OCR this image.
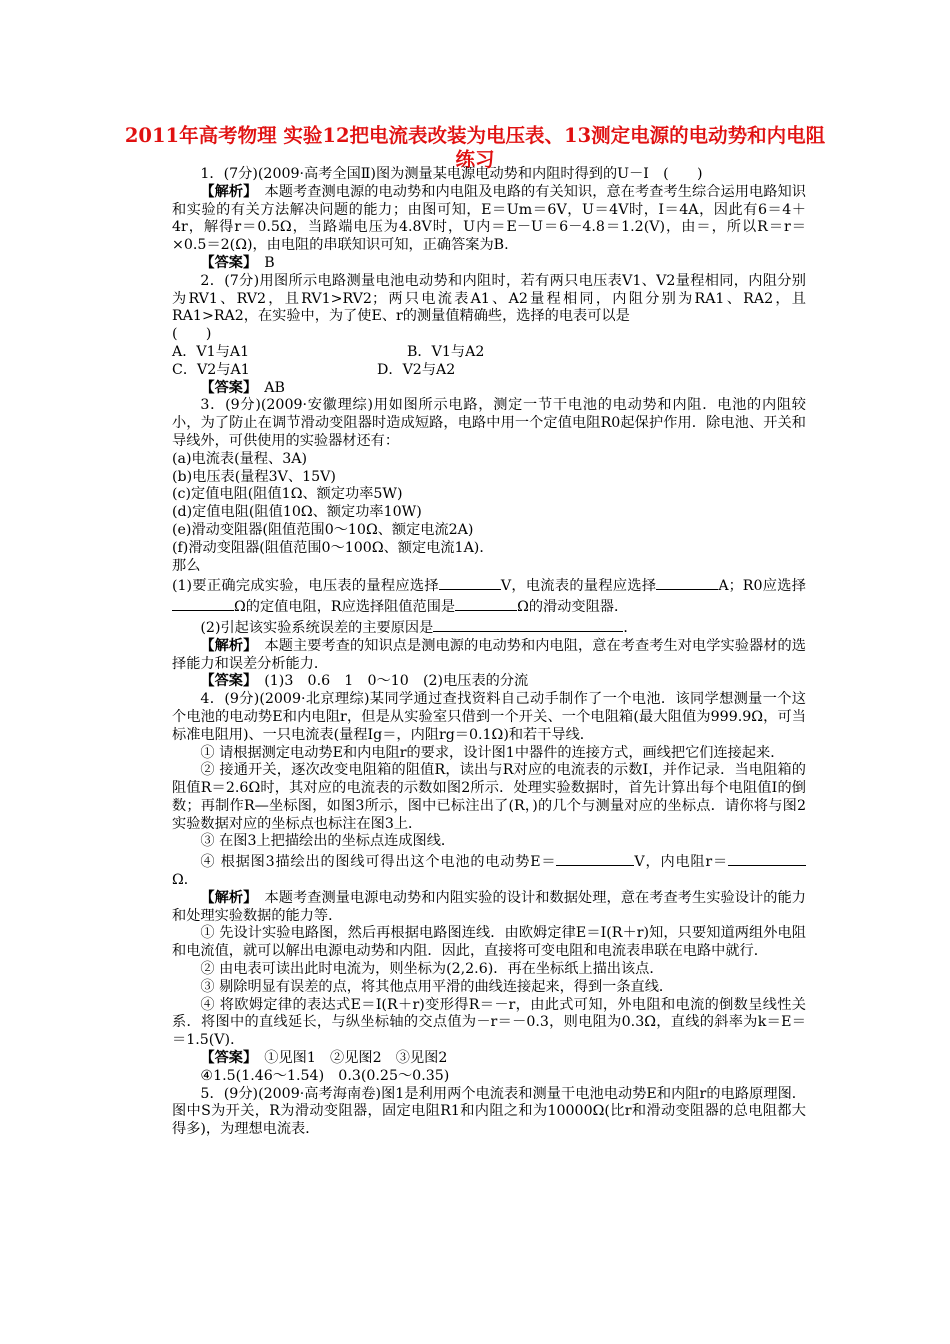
2011年高考物理 实验12把电流表改装为电压表、13测定电源的电动势和内电阻练习

1．(7分)(2009·高考全国Ⅱ)图为测量某电源电动势和内阻时得到的U－I　(　　)

【解析】　 本题考查测电源的电动势和内电阻及电路的有关知识，意在考查考生综合运用电路知识和实验的有关方法解决问题的能力；由图可知，E＝Um＝6V，U＝4V时，I＝4A，因此有6＝4＋4r，解得r＝0.5Ω，当路端电压为4.8V时，U内＝E－U＝6－4.8＝1.2(V)，由＝，所以R＝r＝×0.5＝2(Ω)，由电阻的串联知识可知，正确答案为B.

【答案】　 B

2．(7分)用图所示电路测量电池电动势和内阻时，若有两只电压表V1、V2量程相同，内阻分别为RV1、RV2，且RV1>RV2；两只电流表A1、A2量程相同，内阻分别为RA1、RA2，且RA1>RA2，在实验中，为了使E、r的测量值精确些，选择的电表可以是

(　　)

A．V1与A1	B．V1与A2
C．V2与A1	D．V2与A2

【答案】　 AB

3．(9分)(2009·安徽理综)用如图所示电路，测定一节干电池的电动势和内阻．电池的内阻较小，为了防止在调节滑动变阻器时造成短路，电路中用一个定值电阻R0起保护作用．除电池、开关和导线外，可供使用的实验器材还有：

(a)电流表(量程、3A)

(b)电压表(量程3V、15V)

(c)定值电阻(阻值1Ω、额定功率5W)

(d)定值电阻(阻值10Ω、额定功率10W)

(e)滑动变阻器(阻值范围0～10Ω、额定电流2A)

(f)滑动变阻器(阻值范围0～100Ω、额定电流1A)．

那么

(1)要正确完成实验，电压表的量程应选择	V，电流表的量程应选择	A；R0应选择Ω的定值电阻，R应选择阻值范围是	Ω的滑动变阻器．

(2)引起该实验系统误差的主要原因是	．

【解析】　 本题主要考查的知识点是测电源的电动势和内电阻，意在考查考生对电学实验器材的选择能力和误差分析能力．

【答案】　 (1)3　0.6　1　0～10　(2)电压表的分流

4．(9分)(2009·北京理综)某同学通过查找资料自己动手制作了一个电池．该同学想测量一个这个电池的电动势E和内电阻r，但是从实验室只借到一个开关、一个电阻箱(最大阻值为999.9Ω，可当标准电阻用)、一只电流表(量程Ig＝，内阻rg＝0.1Ω)和若干导线．

① 请根据测定电动势E和内电阻r的要求，设计图1中器件的连接方式，画线把它们连接起来．

② 接通开关，逐次改变电阻箱的阻值R，读出与R对应的电流表的示数I，并作记录．当电阻箱的阻值R＝2.6Ω时，其对应的电流表的示数如图2所示．处理实验数据时，首先计算出每个电阻值I的倒数；再制作R—坐标图，如图3所示，图中已标注出了(R，)的几个与测量对应的坐标点．请你将与图2实验数据对应的坐标点也标注在图3上．

③ 在图3上把描绘出的坐标点连成图线．

④ 根据图3描绘出的图线可得出这个电池的电动势E＝	V，内电阻r＝Ω．

【解析】　 本题考查测量电源电动势和内阻实验的设计和数据处理，意在考查考生实验设计的能力和处理实验数据的能力等．

① 先设计实验电路图，然后再根据电路图连线．由欧姆定律E＝I(R＋r)知，只要知道两组外电阻和电流值，就可以解出电源电动势和内阻．因此，直接将可变电阻和电流表串联在电路中就行．

② 由电表可读出此时电流为，则坐标为(2,2.6)．再在坐标纸上描出该点．

③ 剔除明显有误差的点，将其他点用平滑的曲线连接起来，得到一条直线．

④ 将欧姆定律的表达式E＝I(R＋r)变形得R＝－r，由此式可知，外电阻和电流的倒数呈线性关系．将图中的直线延长，与纵坐标轴的交点值为－r＝－0.3，则电阻为0.3Ω，直线的斜率为k＝E＝＝1.5(V)．

【答案】　 ①见图1　②见图2　③见图2

④1.5(1.46～1.54)　0.3(0.25～0.35)

5．(9分)(2009·高考海南卷)图1是利用两个电流表和测量干电池电动势E和内阻r的电路原理图．图中S为开关，R为滑动变阻器，固定电阻R1和内阻之和为10000Ω(比r和滑动变阻器的总电阻都大得多)，为理想电流表．
